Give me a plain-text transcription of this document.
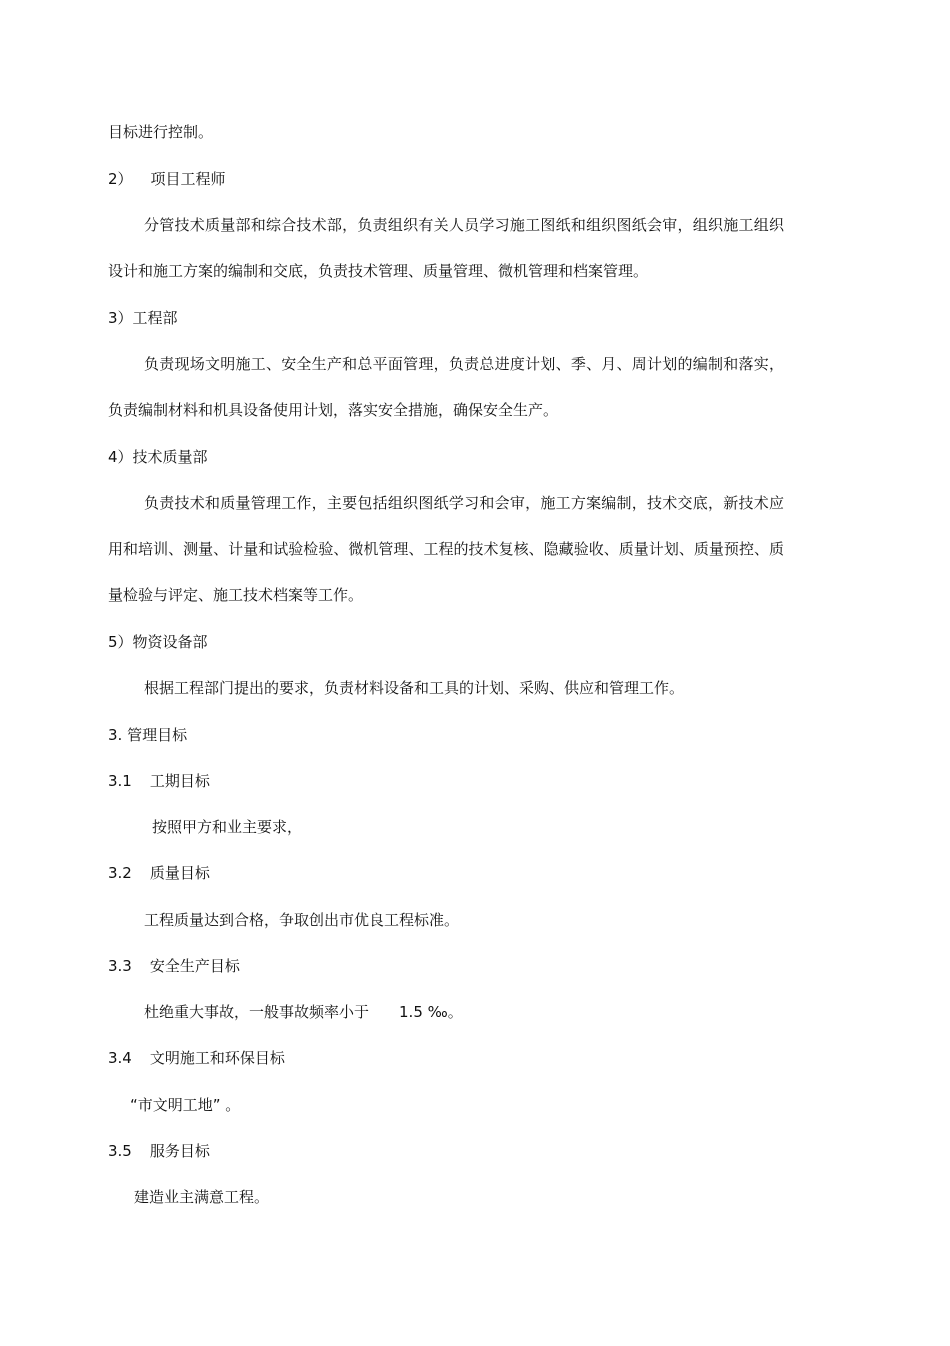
目标进行控制。
2） 项目工程师
分管技术质量部和综合技术部，负责组织有关人员学习施工图纸和组织图纸会审，组织施工组织设计和施工方案的编制和交底，负责技术管理、质量管理、微机管理和档案管理。
3）工程部
负责现场文明施工、安全生产和总平面管理，负责总进度计划、季、月、周计划的编制和落实，负责编制材料和机具设备使用计划，落实安全措施，确保安全生产。
4）技术质量部
负责技术和质量管理工作，主要包括组织图纸学习和会审，施工方案编制，技术交底，新技术应用和培训、测量、计量和试验检验、微机管理、工程的技术复核、隐藏验收、质量计划、质量预控、质量检验与评定、施工技术档案等工作。
5）物资设备部
根据工程部门提出的要求，负责材料设备和工具的计划、采购、供应和管理工作。
3. 管理目标
3.1 工期目标
按照甲方和业主要求，
3.2 质量目标
工程质量达到合格，争取创出市优良工程标准。
3.3 安全生产目标
杜绝重大事故，一般事故频率小于 1.5 ‰。
3.4 文明施工和环保目标
“市文明工地” 。
3.5 服务目标
建造业主满意工程。
